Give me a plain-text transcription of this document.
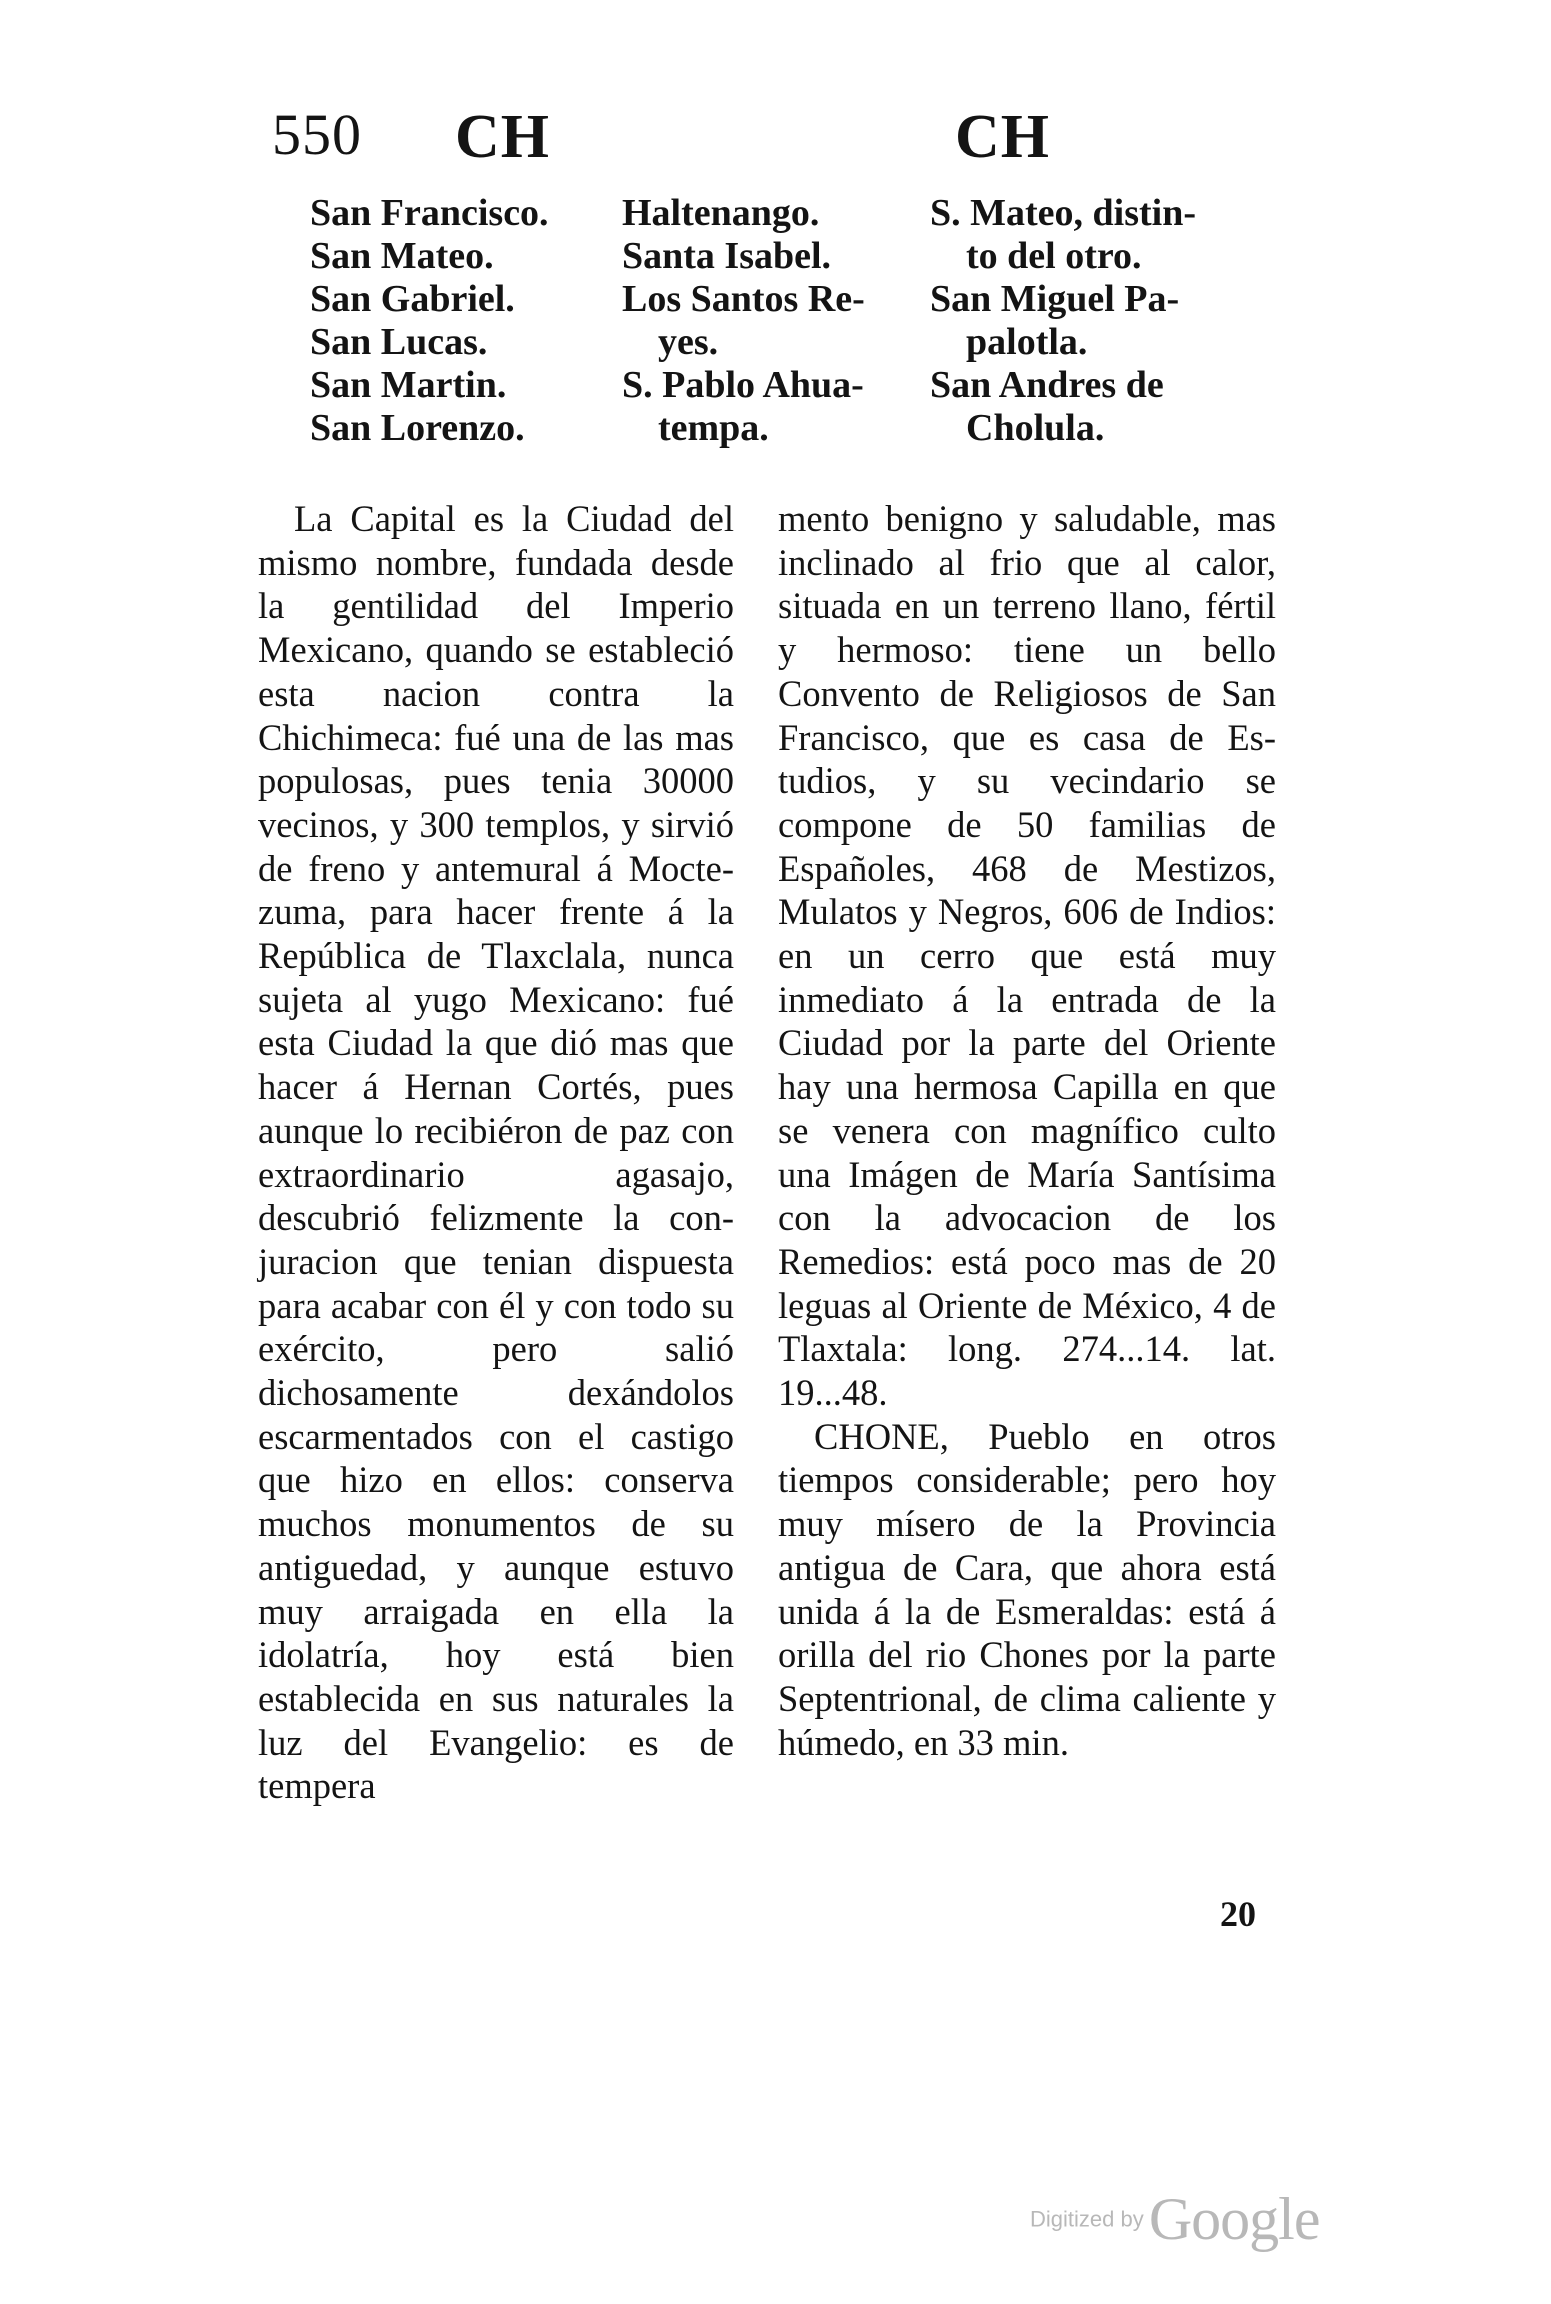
550 CH	CH
San Francisco.
San Mateo.
San Gabriel.
San Lucas.
San Martin.
San Lorenzo.
Haltenango.
Santa Isabel.
Los Santos Re-
yes.
S. Pablo Ahua-
tempa.
S. Mateo, distin-
to del otro.
San Miguel Pa-
palotla.
San Andres de
Cholula.

La Capital es la Ciudad del mismo nombre, fundada desde la gentilidad del Imperio Mexicano, quando se estableció esta nacion contra la Chichimeca: fué una de las mas populosas, pues tenia 30000 vecinos, y 300 templos, y sirvió de freno y antemural á Moctezuma, para hacer frente á la República de Tlaxclala, nunca sujeta al yugo Mexicano: fué esta Ciudad la que dió mas que hacer á Hernan Cortés, pues aunque lo recibiéron de paz con extraordinario agasajo, descubrió felizmente la conjuracion que tenian dispuesta para acabar con él y con todo su exército, pero salió dichosamente dexándolos escarmentados con el castigo que hizo en ellos: conserva muchos monumentos de su antiguedad, y aunque estuvo muy arraigada en ella la idolatría, hoy está bien establecida en sus naturales la luz del Evangelio: es de tempera

mento benigno y saludable, mas inclinado al frio que al calor, situada en un terreno llano, fértil y hermoso: tiene un bello Convento de Religiosos de San Francisco, que es casa de Estudios, y su vecindario se compone de 50 familias de Españoles, 468 de Mestizos, Mulatos y Negros, 606 de Indios: en un cerro que está muy inmediato á la entrada de la Ciudad por la parte del Oriente hay una hermosa Capilla en que se venera con magnífico culto una Imágen de María Santísima con la advocacion de los Remedios: está poco mas de 20 leguas al Oriente de México, 4 de Tlaxtala: long. 274...14. lat. 19...48.

CHONE, Pueblo en otros tiempos considerable; pero hoy muy mísero de la Provincia antigua de Cara, que ahora está unida á la de Esmeraldas: está á orilla del rio Chones por la parte Septentrional, de clima caliente y húmedo, en 33 min.

20
Digitized by Google
